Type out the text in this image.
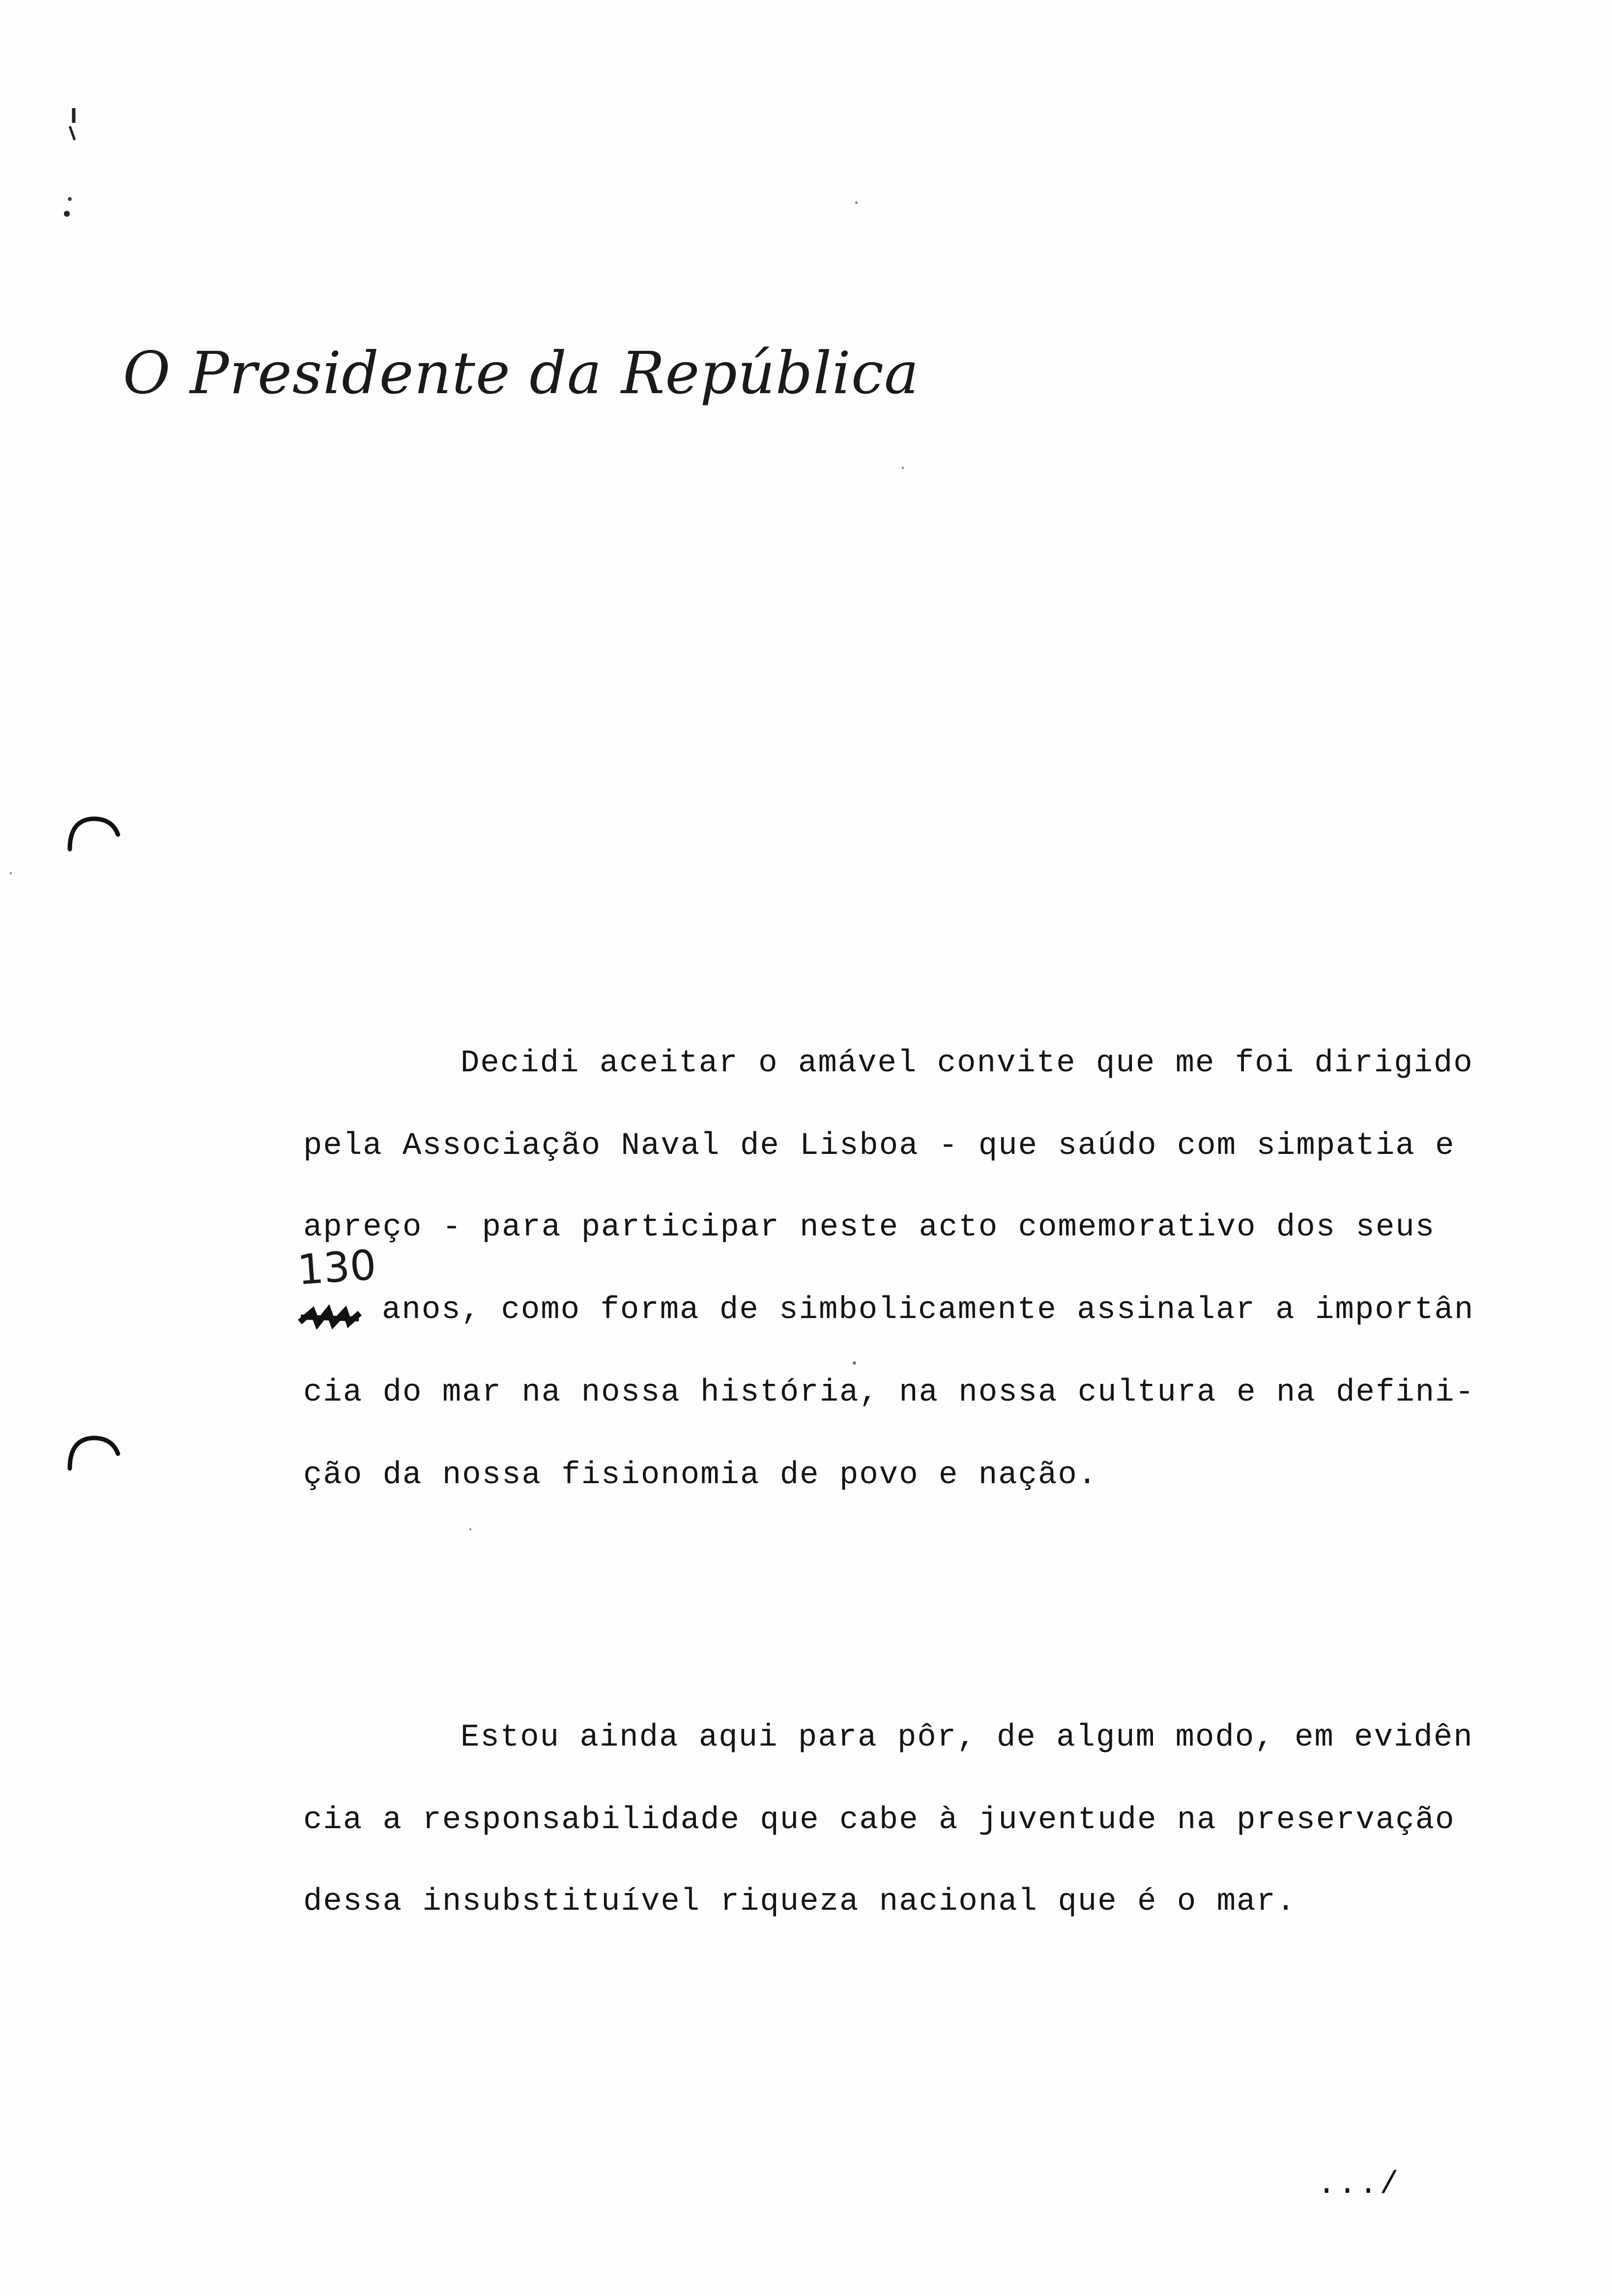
O Presidente da República
Decidi aceitar o amável convite que me foi dirigido
pela Associação Naval de Lisboa - que saúdo com simpatia e
apreço - para participar neste acto comemorativo dos seus
130
anos, como forma de simbolicamente assinalar a importân
cia do mar na nossa história, na nossa cultura e na defini-
ção da nossa fisionomia de povo e nação.
Estou ainda aqui para pôr, de algum modo, em evidên
cia a responsabilidade que cabe à juventude na preservação
dessa insubstituível riqueza nacional que é o mar.
.../
